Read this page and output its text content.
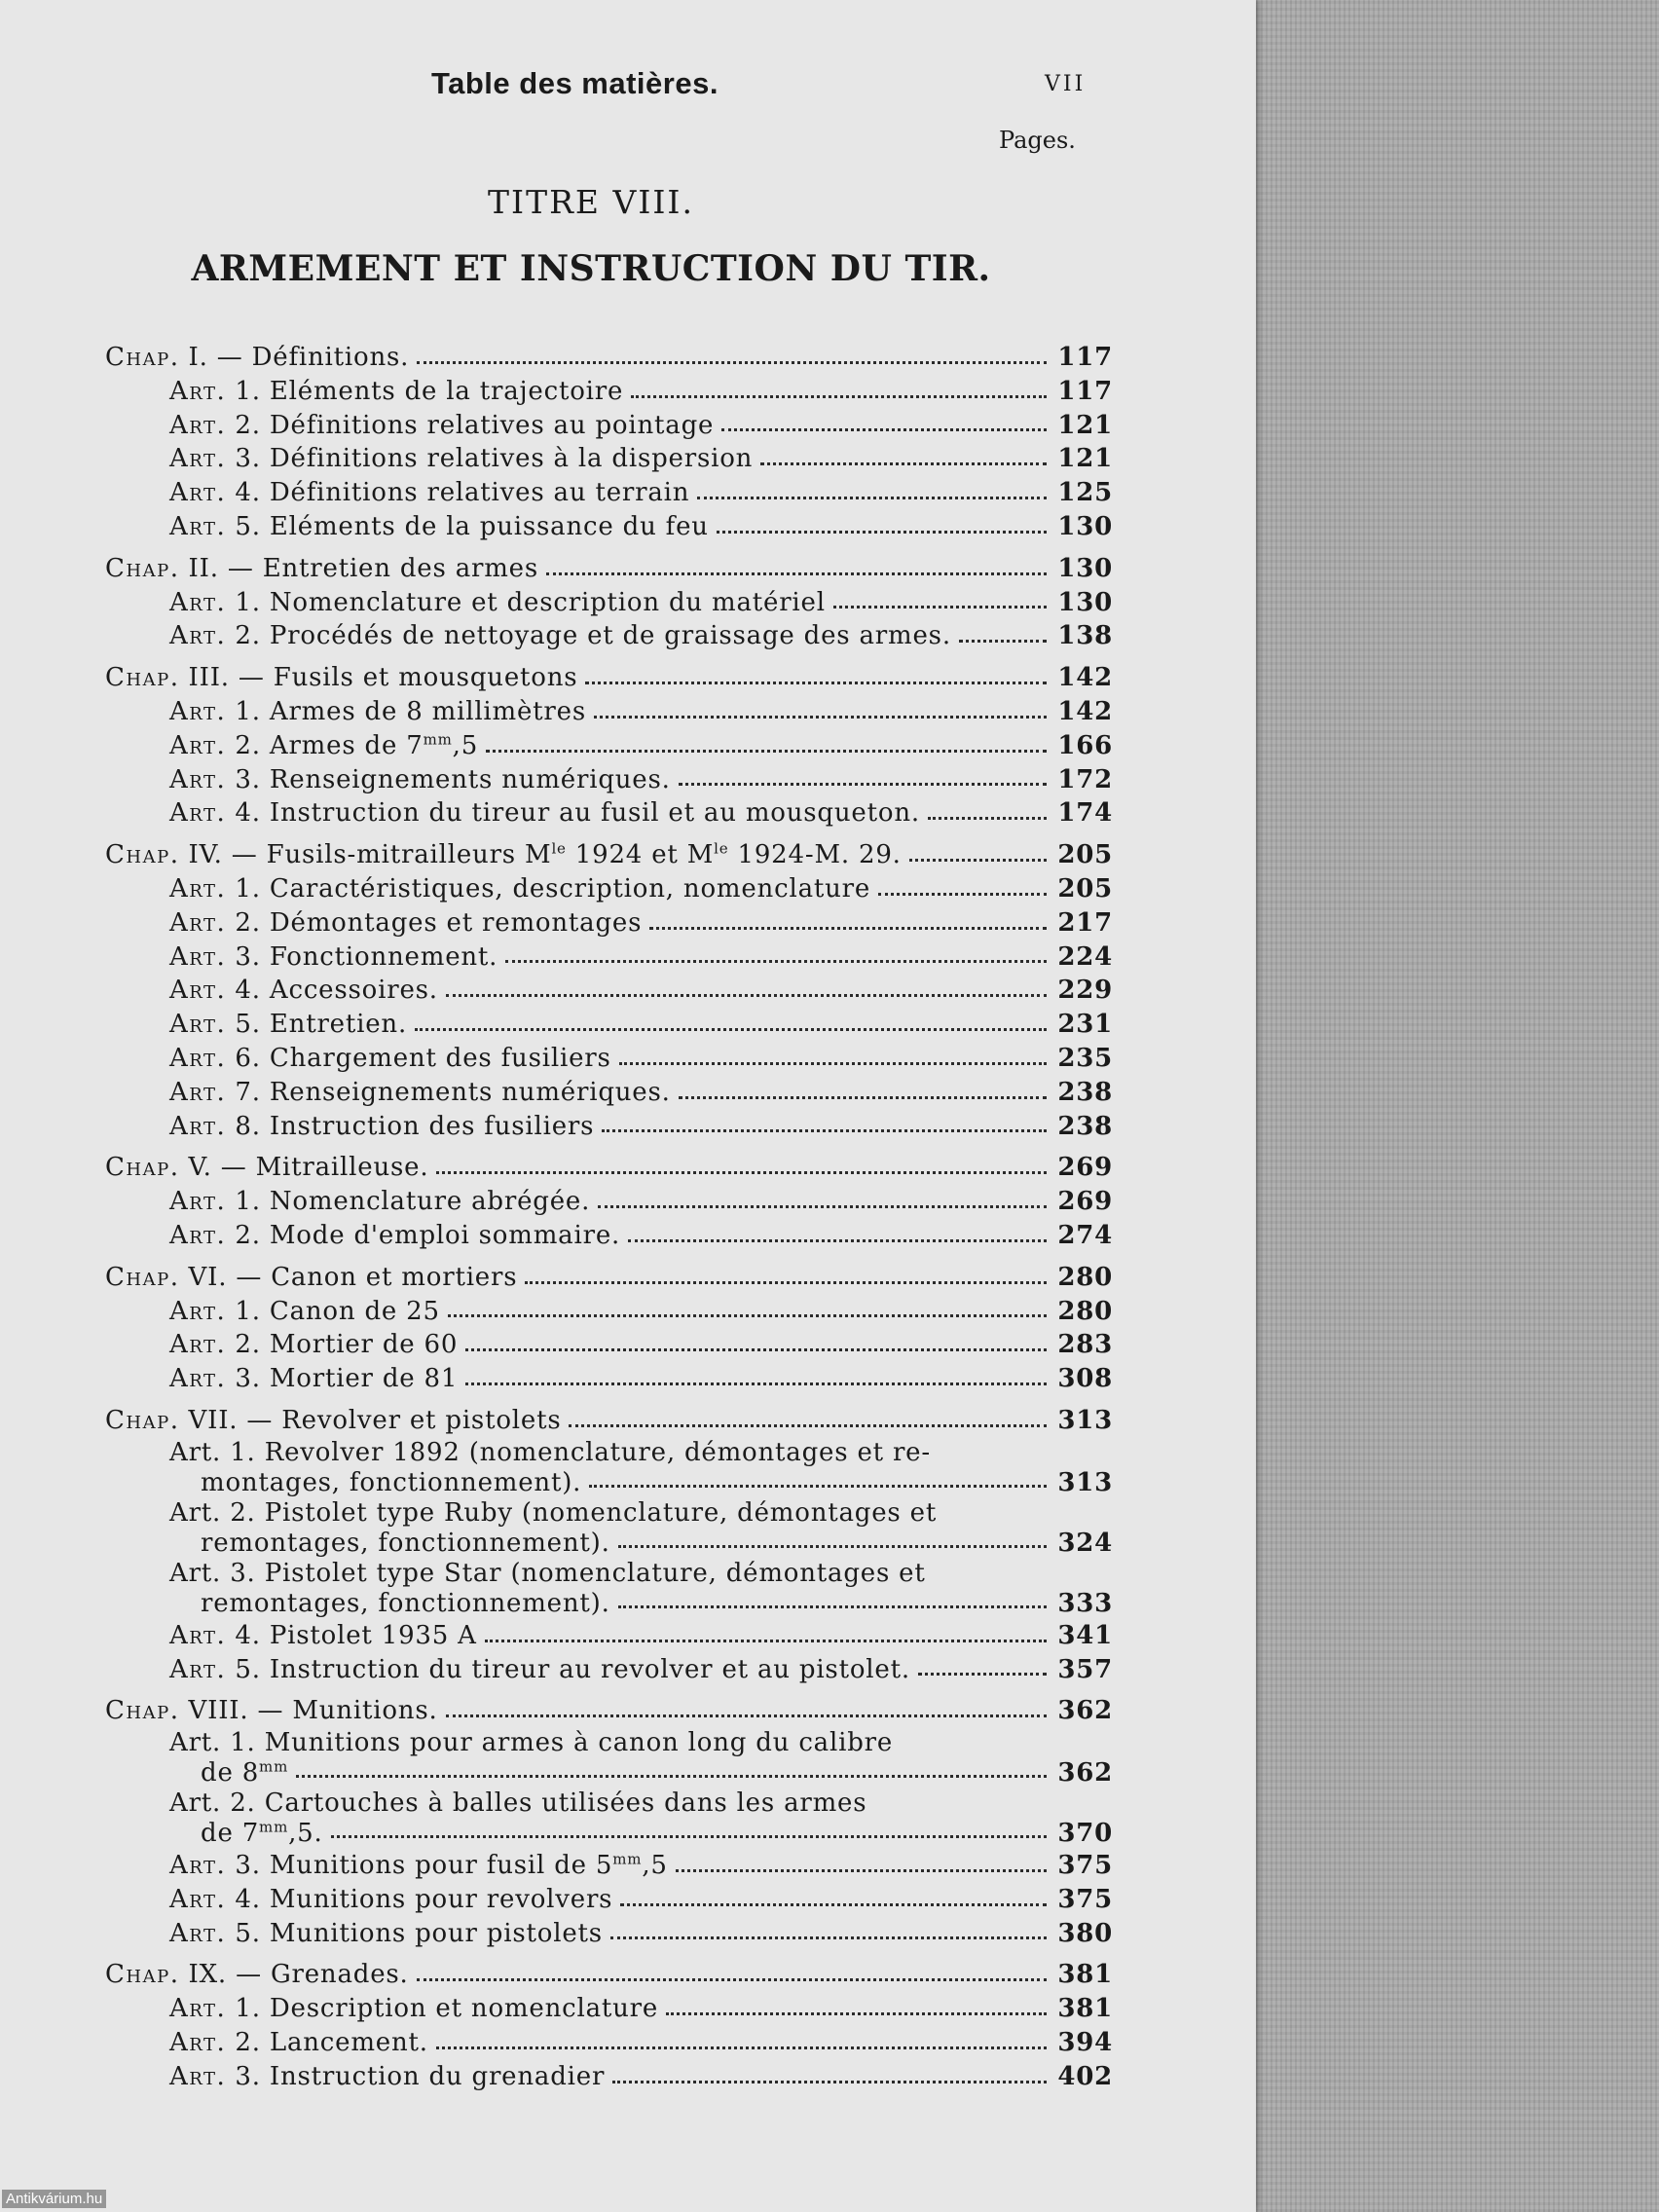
Table des matières.	VII
Pages.
TITRE VIII.
ARMEMENT ET INSTRUCTION DU TIR.
Chap. I. — Définitions.	117
Art. 1. Eléments de la trajectoire	117
Art. 2. Définitions relatives au pointage	121
Art. 3. Définitions relatives à la dispersion	121
Art. 4. Définitions relatives au terrain	125
Art. 5. Eléments de la puissance du feu	130
Chap. II. — Entretien des armes	130
Art. 1. Nomenclature et description du matériel	130
Art. 2. Procédés de nettoyage et de graissage des armes.	138
Chap. III. — Fusils et mousquetons	142
Art. 1. Armes de 8 millimètres	142
Art. 2. Armes de $7^{mm},5$	166
Art. 3. Renseignements numériques.	172
Art. 4. Instruction du tireur au fusil et au mousqueton.	174
Chap. IV. — Fusils-mitrailleurs $M^{le}$ 1924 et $M^{le}$ 1924-M. 29.	205
Art. 1. Caractéristiques, description, nomenclature	205
Art. 2. Démontages et remontages	217
Art. 3. Fonctionnement.	224
Art. 4. Accessoires.	229
Art. 5. Entretien.	231
Art. 6. Chargement des fusiliers	235
Art. 7. Renseignements numériques.	238
Art. 8. Instruction des fusiliers	238
Chap. V. — Mitrailleuse.	269
Art. 1. Nomenclature abrégée.	269
Art. 2. Mode d'emploi sommaire.	274
Chap. VI. — Canon et mortiers	280
Art. 1. Canon de 25	280
Art. 2. Mortier de 60	283
Art. 3. Mortier de 81	308
Chap. VII. — Revolver et pistolets	313
Art. 1. Revolver 1892 (nomenclature, démontages et re-
montages, fonctionnement).	313
Art. 2. Pistolet type Ruby (nomenclature, démontages et
remontages, fonctionnement).	324
Art. 3. Pistolet type Star (nomenclature, démontages et
remontages, fonctionnement).	333
Art. 4. Pistolet 1935 A	341
Art. 5. Instruction du tireur au revolver et au pistolet.	357
Chap. VIII. — Munitions.	362
Art. 1. Munitions pour armes à canon long du calibre
de $8^{mm}$	362
Art. 2. Cartouches à balles utilisées dans les armes
de $7^{mm},5$.	370
Art. 3. Munitions pour fusil de $5^{mm},5$	375
Art. 4. Munitions pour revolvers	375
Art. 5. Munitions pour pistolets	380
Chap. IX. — Grenades.	381
Art. 1. Description et nomenclature	381
Art. 2. Lancement.	394
Art. 3. Instruction du grenadier	402
Antikvárium.hu
